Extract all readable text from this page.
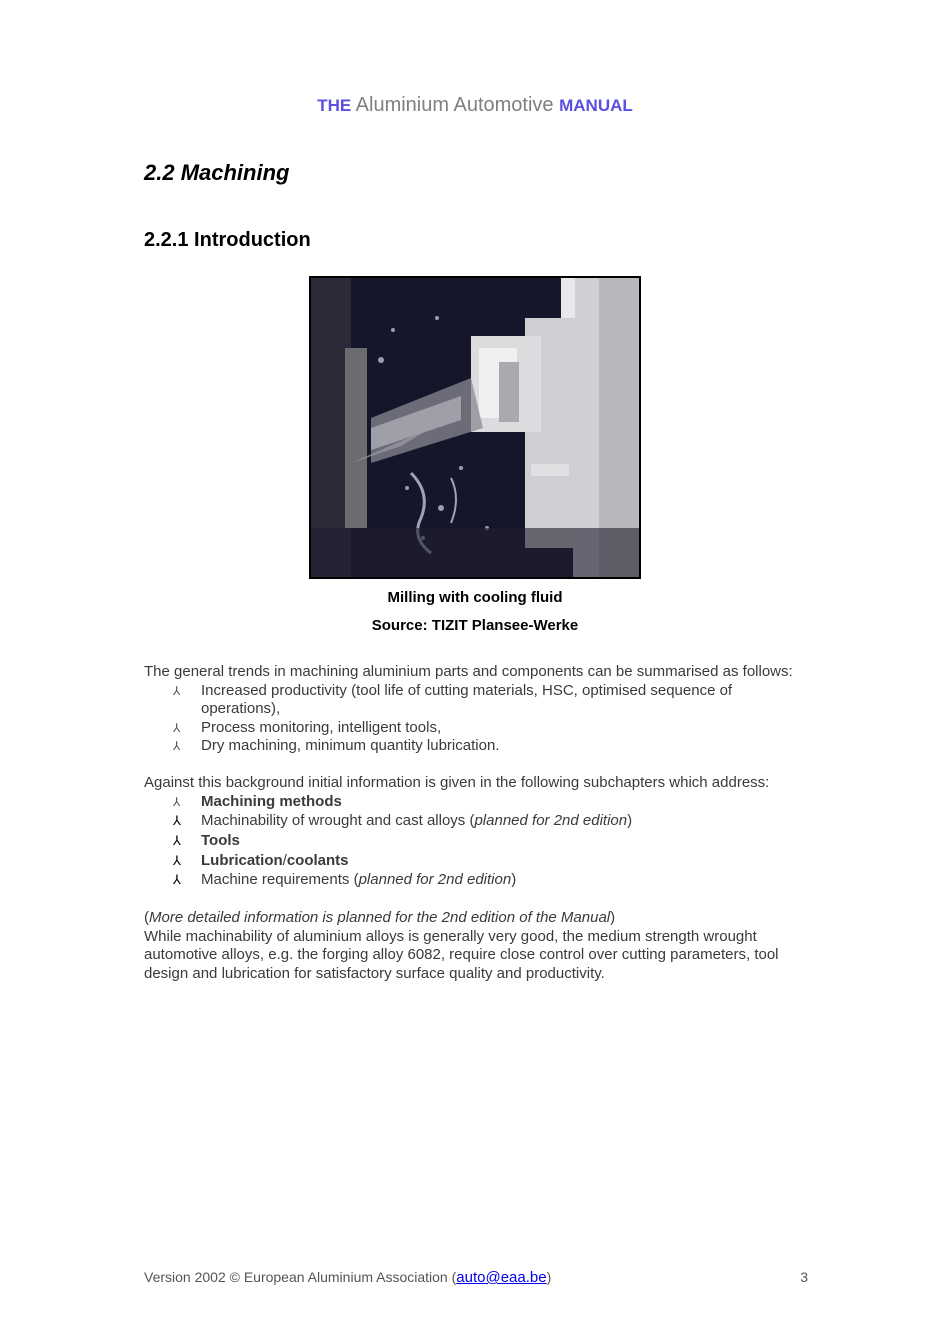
THE Aluminium Automotive MANUAL
2.2 Machining
2.2.1 Introduction

Milling with cooling fluid

Source: TIZIT Plansee-Werke

The general trends in machining aluminium parts and components can be summarised as follows:

⅄ Increased productivity (tool life of cutting materials, HSC, optimised sequence of operations),
⅄ Process monitoring, intelligent tools,
⅄ Dry machining, minimum quantity lubrication.

Against this background initial information is given in the following subchapters which address:

⅄ Machining methods
⅄ Machinability of wrought and cast alloys (planned for 2nd edition)
⅄ Tools
⅄ Lubrication/coolants
⅄ Machine requirements (planned for 2nd edition)

(More detailed information is planned for the 2nd edition of the Manual)

While machinability of aluminium alloys is generally very good, the medium strength wrought automotive alloys, e.g. the forging alloy 6082, require close control over cutting parameters, tool design and lubrication for satisfactory surface quality and productivity.

Version 2002 © European Aluminium Association (auto@eaa.be)	3
